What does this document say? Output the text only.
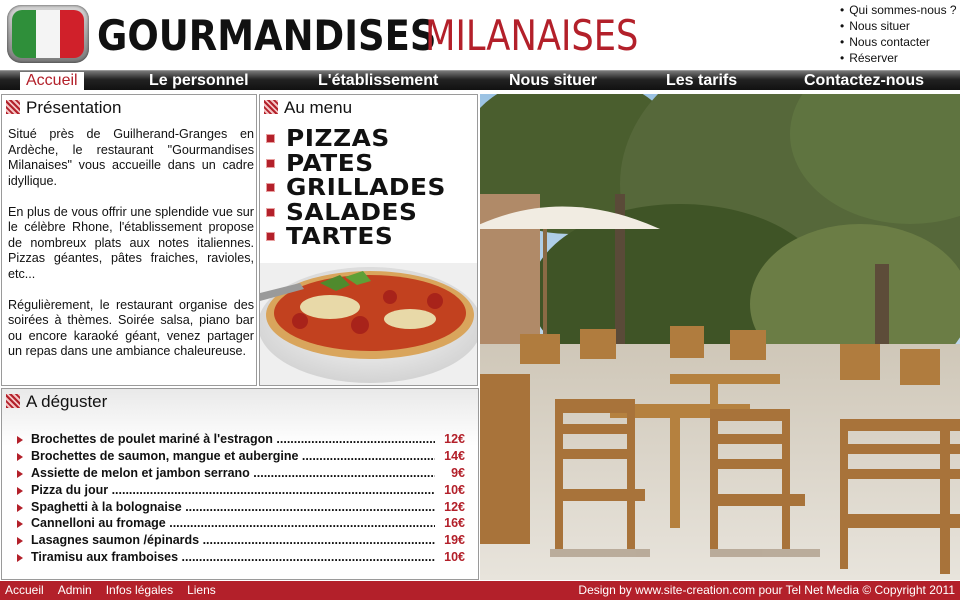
GOURMANDISES
MILANAISES
• Qui sommes-nous ?
• Nous situer
• Nous contacter
• Réserver
Accueil	Le personnel	L'établissement	Nous situer	Les tarifs	Contactez-nous
Présentation

Situé près de Guilherand-Granges en Ardèche, le restaurant "Gourmandises Milanaises" vous accueille dans un cadre idyllique.

En plus de vous offrir une splendide vue sur le célèbre Rhone, l'établissement propose de nombreux plats aux notes italiennes. Pizzas géantes, pâtes fraiches, ravioles, etc...

Régulièrement, le restaurant organise des soirées à thèmes. Soirée salsa, piano bar ou encore karaoké géant, venez partager un repas dans une ambiance chaleureuse.

Au menu
PIZZAS
PATES
GRILLADES
SALADES
TARTES
A déguster
Brochettes de poulet mariné à l'estragon .....	12€
Brochettes de saumon, mangue et aubergine .....	14€
Assiette de melon et jambon serrano .....	9€
Pizza du jour .....	10€
Spaghetti à la bolognaise .....	12€
Cannelloni au fromage .....	16€
Lasagnes saumon /épinards .....	19€
Tiramisu aux framboises .....	10€
Accueil Admin Infos légales Liens	Design by www.site-creation.com pour Tel Net Media © Copyright 2011
